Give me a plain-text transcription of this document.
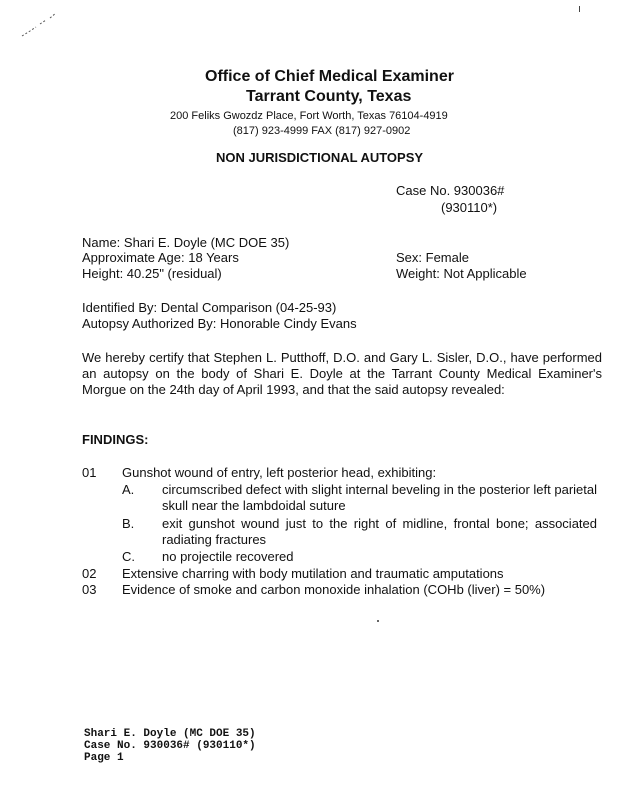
Office of Chief Medical Examiner
Tarrant County, Texas
200 Feliks Gwozdz Place, Fort Worth, Texas 76104-4919
(817) 923-4999 FAX (817) 927-0902
NON JURISDICTIONAL AUTOPSY
Case No. 930036#
(930110*)
Name: Shari E. Doyle (MC DOE 35)
Approximate Age: 18 Years
Height: 40.25" (residual)
Sex: Female
Weight: Not Applicable
Identified By: Dental Comparison (04-25-93)
Autopsy Authorized By: Honorable Cindy Evans
We hereby certify that Stephen L. Putthoff, D.O. and Gary L. Sisler, D.O., have performed an autopsy on the body of Shari E. Doyle at the Tarrant County Medical Examiner's Morgue on the 24th day of April 1993, and that the said autopsy revealed:
FINDINGS:
01 Gunshot wound of entry, left posterior head, exhibiting:
A. circumscribed defect with slight internal beveling in the posterior left parietal skull near the lambdoidal suture
B. exit gunshot wound just to the right of midline, frontal bone; associated radiating fractures
C. no projectile recovered
02 Extensive charring with body mutilation and traumatic amputations
03 Evidence of smoke and carbon monoxide inhalation (COHb (liver) = 50%)
Shari E. Doyle (MC DOE 35)
Case No. 930036# (930110*)
Page 1
